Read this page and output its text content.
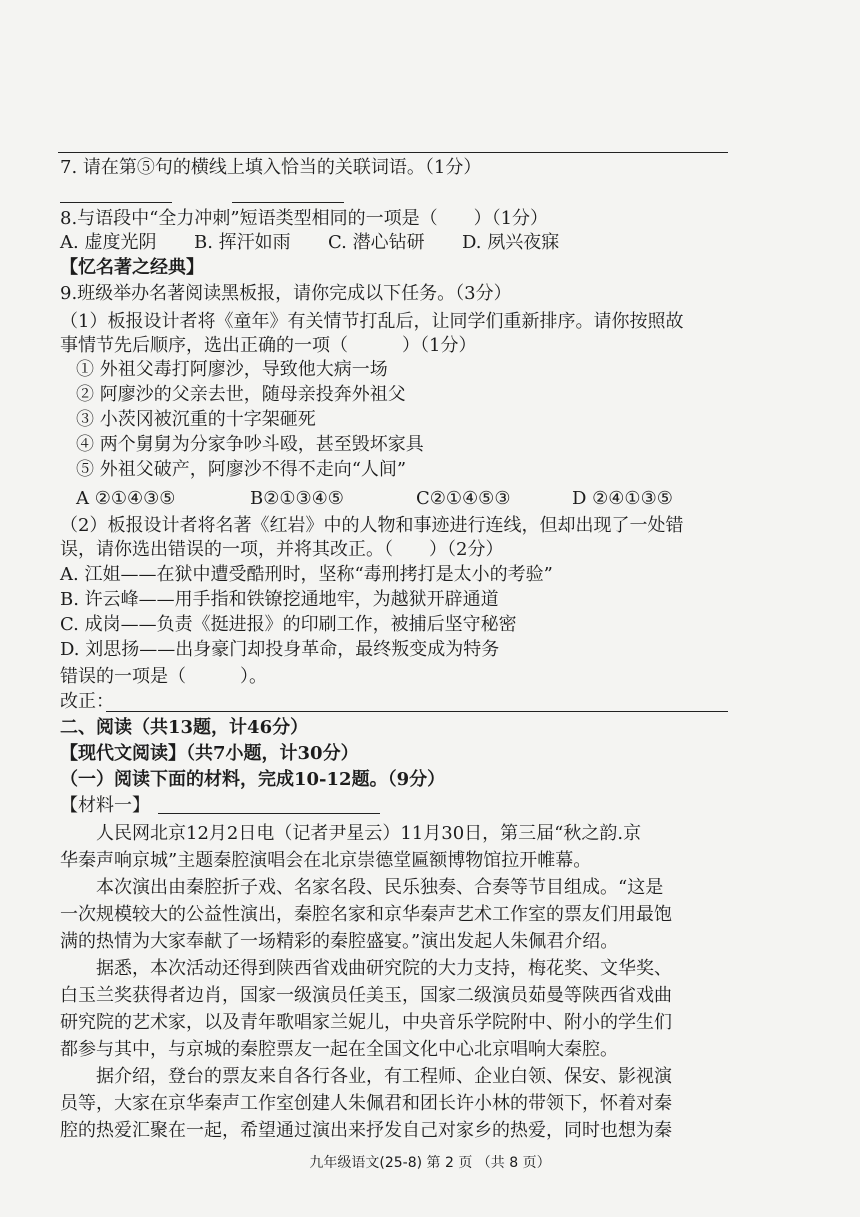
7. 请在第⑤句的横线上填入恰当的关联词语。（1分）
8.与语段中“全力冲刺”短语类型相同的一项是（　　）（1分）
A. 虚度光阴 B. 挥汗如雨 C. 潜心钻研 D. 夙兴夜寐
【忆名著之经典】
9.班级举办名著阅读黑板报，请你完成以下任务。（3分）
（1）板报设计者将《童年》有关情节打乱后，让同学们重新排序。请你按照故
事情节先后顺序，选出正确的一项（　　　）（1分）
① 外祖父毒打阿廖沙，导致他大病一场
② 阿廖沙的父亲去世，随母亲投奔外祖父
③ 小茨冈被沉重的十字架砸死
④ 两个舅舅为分家争吵斗殴，甚至毁坏家具
⑤ 外祖父破产，阿廖沙不得不走向“人间”
A ②①④③⑤	B②①③④⑤	C②①④⑤③	D ②④①③⑤
（2）板报设计者将名著《红岩》中的人物和事迹进行连线，但却出现了一处错
误，请你选出错误的一项，并将其改正。（　　）（2分）
A. 江姐——在狱中遭受酷刑时，坚称“毒刑拷打是太小的考验”
B. 许云峰——用手指和铁镣挖通地牢，为越狱开辟通道
C. 成岗——负责《挺进报》的印刷工作，被捕后坚守秘密
D. 刘思扬——出身豪门却投身革命，最终叛变成为特务
错误的一项是（　　　）。
改正：
二、阅读（共13题，计46分）
【现代文阅读】（共7小题，计30分）
（一）阅读下面的材料，完成10-12题。（9分）
【材料一】
人民网北京12月2日电（记者尹星云）11月30日，第三届“秋之韵.京
华秦声响京城”主题秦腔演唱会在北京崇德堂匾额博物馆拉开帷幕。
本次演出由秦腔折子戏、名家名段、民乐独奏、合奏等节目组成。“这是
一次规模较大的公益性演出，秦腔名家和京华秦声艺术工作室的票友们用最饱
满的热情为大家奉献了一场精彩的秦腔盛宴。”演出发起人朱佩君介绍。
据悉，本次活动还得到陕西省戏曲研究院的大力支持，梅花奖、文华奖、
白玉兰奖获得者边肖，国家一级演员任美玉，国家二级演员茹曼等陕西省戏曲
研究院的艺术家，以及青年歌唱家兰妮儿，中央音乐学院附中、附小的学生们
都参与其中，与京城的秦腔票友一起在全国文化中心北京唱响大秦腔。
据介绍，登台的票友来自各行各业，有工程师、企业白领、保安、影视演
员等，大家在京华秦声工作室创建人朱佩君和团长许小林的带领下，怀着对秦
腔的热爱汇聚在一起，希望通过演出来抒发自己对家乡的热爱，同时也想为秦
九年级语文(25-8) 第 2 页 （共 8 页）
